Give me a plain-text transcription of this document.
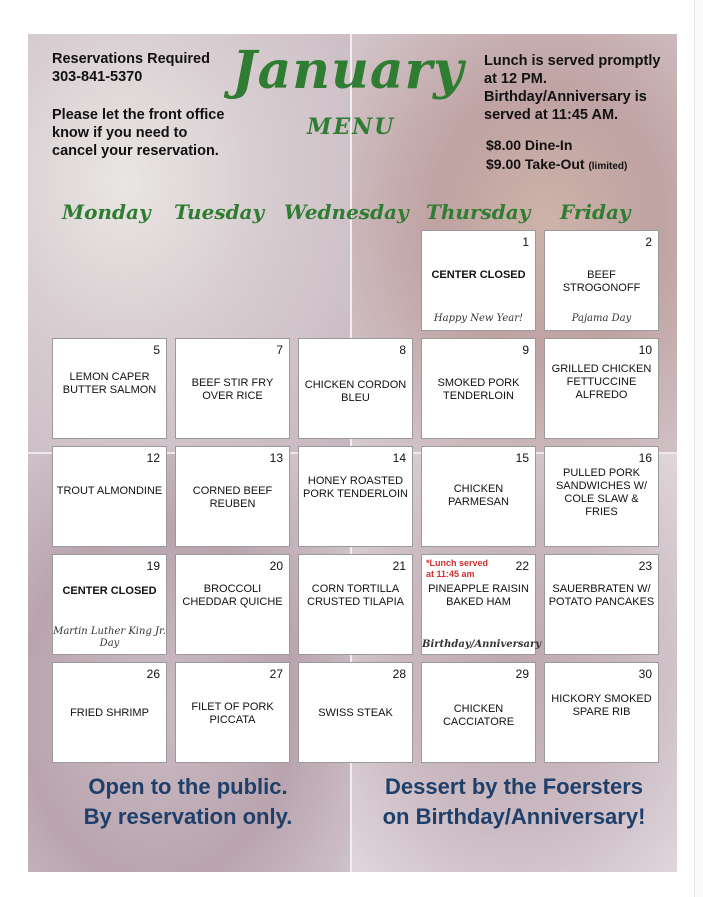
Reservations Required
303-841-5370
Please let the front office know if you need to cancel your reservation.
January
MENU
Lunch is served promptly at 12 PM.
Birthday/Anniversary is served at 11:45 AM.
$8.00 Dine-In
$9.00 Take-Out (limited)
Monday Tuesday Wednesday Thursday Friday
1
CENTER CLOSED
Happy New Year!
2
BEEF STROGONOFF
Pajama Day
5
LEMON CAPER BUTTER SALMON
7
BEEF STIR FRY OVER RICE
8
CHICKEN CORDON BLEU
9
SMOKED PORK TENDERLOIN
10
GRILLED CHICKEN FETTUCCINE ALFREDO
12
TROUT ALMONDINE
13
CORNED BEEF REUBEN
14
HONEY ROASTED PORK TENDERLOIN
15
CHICKEN PARMESAN
16
PULLED PORK SANDWICHES W/ COLE SLAW & FRIES
19
CENTER CLOSED
Martin Luther King Jr. Day
20
BROCCOLI CHEDDAR QUICHE
21
CORN TORTILLA CRUSTED TILAPIA
*Lunch served at 11:45 am
22
PINEAPPLE RAISIN BAKED HAM
Birthday/Anniversary
23
SAUERBRATEN W/ POTATO PANCAKES
26
FRIED SHRIMP
27
FILET OF PORK PICCATA
28
SWISS STEAK
29
CHICKEN CACCIATORE
30
HICKORY SMOKED SPARE RIB
Open to the public.
By reservation only.
Dessert by the Foersters
on Birthday/Anniversary!
